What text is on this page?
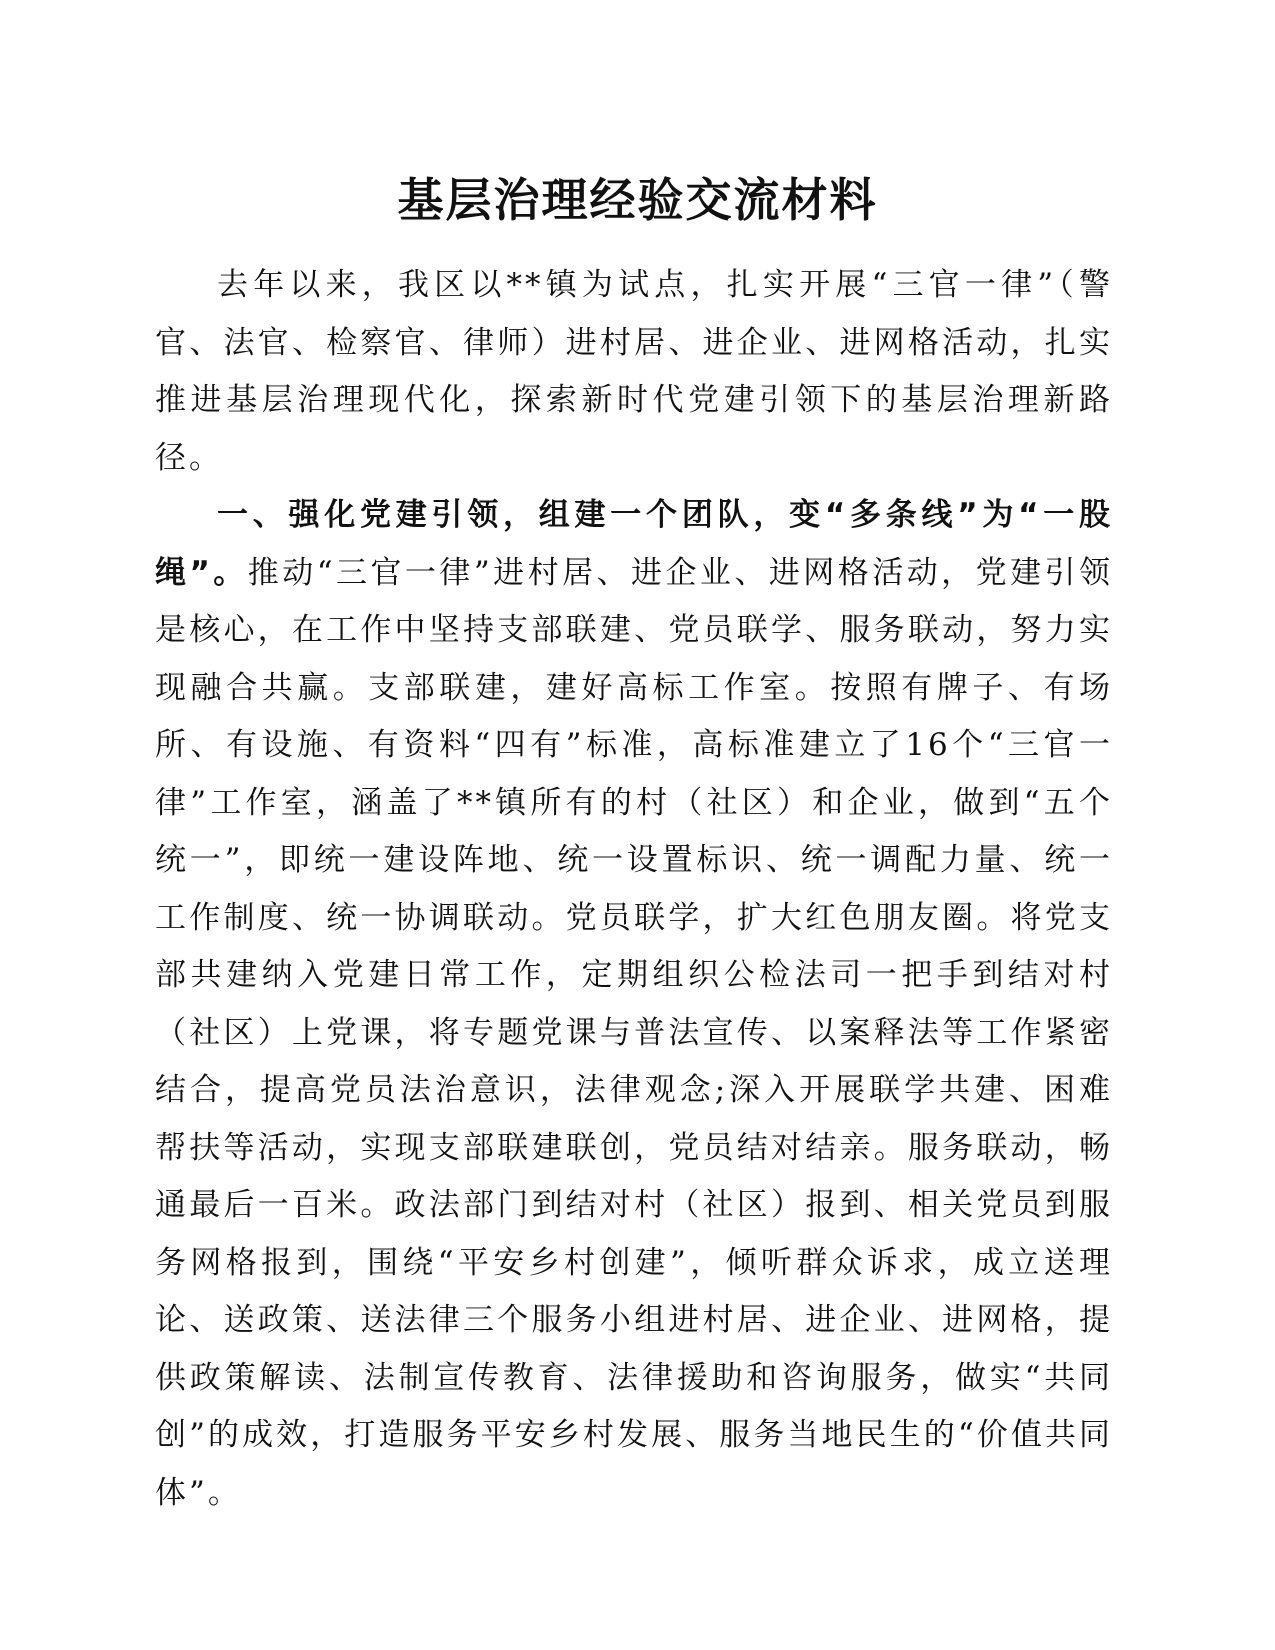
基层治理经验交流材料

去年以来，我区以**镇为试点，扎实开展“三官一律”（警官、法官、检察官、律师）进村居、进企业、进网格活动，扎实推进基层治理现代化，探索新时代党建引领下的基层治理新路径。

一、强化党建引领，组建一个团队，变“多条线”为“一股绳”。推动“三官一律”进村居、进企业、进网格活动，党建引领是核心，在工作中坚持支部联建、党员联学、服务联动，努力实现融合共赢。支部联建，建好高标工作室。按照有牌子、有场所、有设施、有资料“四有”标准，高标准建立了16个“三官一律”工作室，涵盖了**镇所有的村（社区）和企业，做到“五个统一”，即统一建设阵地、统一设置标识、统一调配力量、统一工作制度、统一协调联动。党员联学，扩大红色朋友圈。将党支部共建纳入党建日常工作，定期组织公检法司一把手到结对村（社区）上党课，将专题党课与普法宣传、以案释法等工作紧密结合，提高党员法治意识，法律观念;深入开展联学共建、困难帮扶等活动，实现支部联建联创，党员结对结亲。服务联动，畅通最后一百米。政法部门到结对村（社区）报到、相关党员到服务网格报到，围绕“平安乡村创建”，倾听群众诉求，成立送理论、送政策、送法律三个服务小组进村居、进企业、进网格，提供政策解读、法制宣传教育、法律援助和咨询服务，做实“共同创”的成效，打造服务平安乡村发展、服务当地民生的“价值共同体”。
